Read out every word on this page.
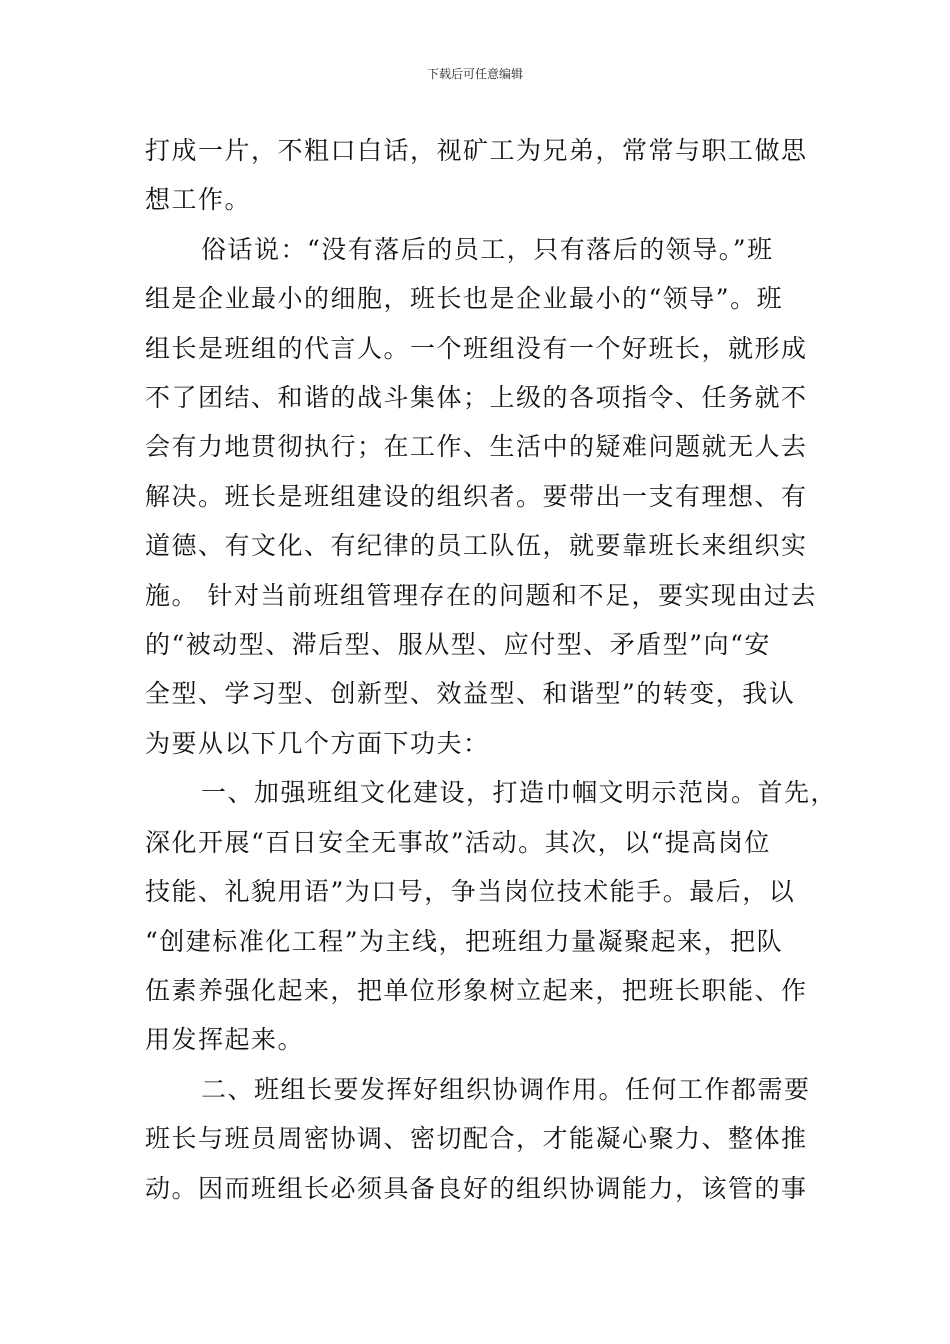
下载后可任意编辑
打成一片，不粗口白话，视矿工为兄弟，常常与职工做思
想工作。
俗话说：“没有落后的员工，只有落后的领导。”班
组是企业最小的细胞，班长也是企业最小的“领导”。班
组长是班组的代言人。一个班组没有一个好班长，就形成
不了团结、和谐的战斗集体；上级的各项指令、任务就不
会有力地贯彻执行；在工作、生活中的疑难问题就无人去
解决。班长是班组建设的组织者。要带出一支有理想、有
道德、有文化、有纪律的员工队伍，就要靠班长来组织实
施。 针对当前班组管理存在的问题和不足，要实现由过去
的“被动型、滞后型、服从型、应付型、矛盾型”向“安
全型、学习型、创新型、效益型、和谐型”的转变，我认
为要从以下几个方面下功夫：
一、加强班组文化建设，打造巾帼文明示范岗。首先，
深化开展“百日安全无事故”活动。其次，以“提高岗位
技能、礼貌用语”为口号，争当岗位技术能手。最后，以
“创建标准化工程”为主线，把班组力量凝聚起来，把队
伍素养强化起来，把单位形象树立起来，把班长职能、作
用发挥起来。
二、班组长要发挥好组织协调作用。任何工作都需要
班长与班员周密协调、密切配合，才能凝心聚力、整体推
动。因而班组长必须具备良好的组织协调能力，该管的事
